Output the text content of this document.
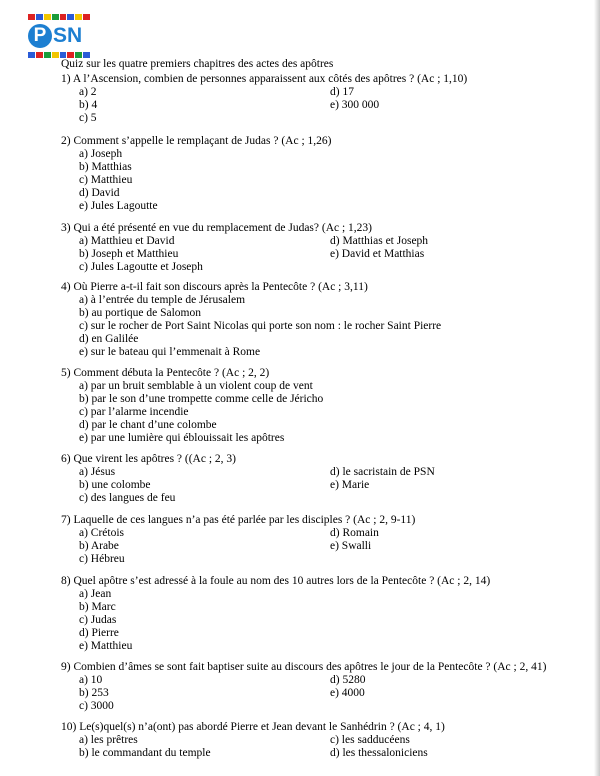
P SN
Quiz sur les quatre premiers chapitres des actes des apôtres
1) A l’Ascension, combien de personnes apparaissent aux côtés des apôtres ? (Ac ; 1,10)
a) 2
b) 4
c) 5
d) 17
e) 300 000
2) Comment s’appelle le remplaçant de Judas ? (Ac ; 1,26)
a) Joseph
b) Matthias
c) Matthieu
d) David
e) Jules Lagoutte
3) Qui a été présenté en vue du remplacement de Judas? (Ac ; 1,23)
a) Matthieu et David
b) Joseph et Matthieu
c) Jules Lagoutte et Joseph
d) Matthias et Joseph
e) David et Matthias
4) Où Pierre a-t-il fait son discours après la Pentecôte ? (Ac ; 3,11)
a) à l’entrée du temple de Jérusalem
b) au portique de Salomon
c) sur le rocher de Port Saint Nicolas qui porte son nom : le rocher Saint Pierre
d) en Galilée
e) sur le bateau qui l’emmenait à Rome
5) Comment débuta la Pentecôte ? (Ac ; 2, 2)
a) par un bruit semblable à un violent coup de vent
b) par le son d’une trompette comme celle de Jéricho
c) par l’alarme incendie
d) par le chant d’une colombe
e) par une lumière qui éblouissait les apôtres
6) Que virent les apôtres ? ((Ac ; 2, 3)
a) Jésus
b) une colombe
c) des langues de feu
d) le sacristain de PSN
e) Marie
7) Laquelle de ces langues n’a pas été parlée par les disciples ? (Ac ; 2, 9-11)
a) Crétois
b) Arabe
c) Hébreu
d) Romain
e) Swalli
8) Quel apôtre s’est adressé à la foule au nom des 10 autres lors de la Pentecôte ? (Ac ; 2, 14)
a) Jean
b) Marc
c) Judas
d) Pierre
e) Matthieu
9) Combien d’âmes se sont fait baptiser suite au discours des apôtres le jour de la Pentecôte ? (Ac ; 2, 41)
a) 10
b) 253
c) 3000
d) 5280
e) 4000
10) Le(s)quel(s) n’a(ont) pas abordé Pierre et Jean devant le Sanhédrin ? (Ac ; 4, 1)
a) les prêtres
b) le commandant du temple
c) les sadducéens
d) les thessaloniciens
